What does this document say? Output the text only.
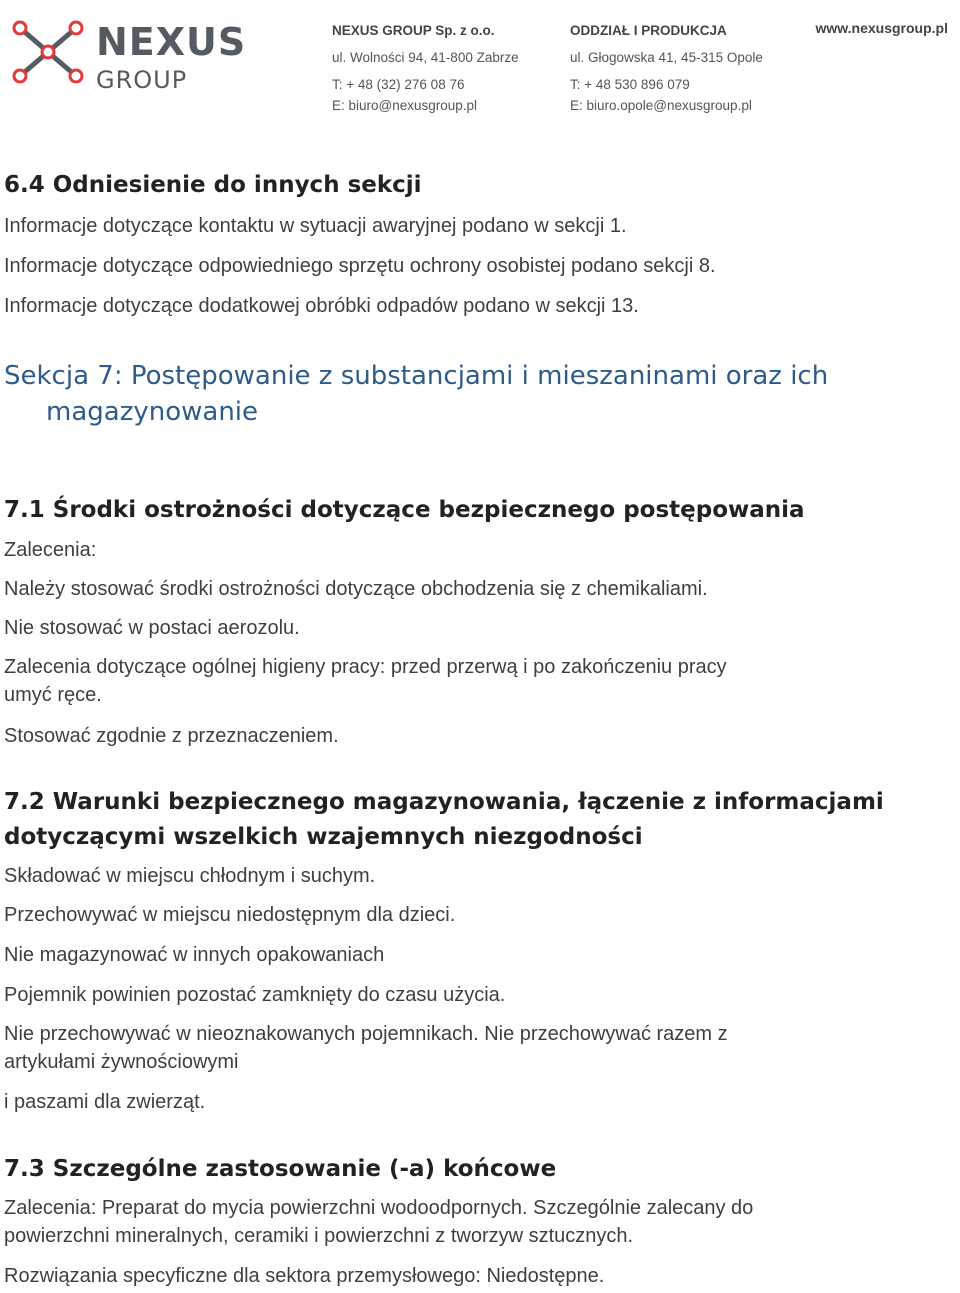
NEXUS
GROUP
NEXUS GROUP Sp. z o.o.
ul. Wolności 94, 41-800 Zabrze
T: + 48 (32) 276 08 76
E: biuro@nexusgroup.pl
ODDZIAŁ I PRODUKCJA
ul. Głogowska 41, 45-315 Opole
T: + 48 530 896 079
E: biuro.opole@nexusgroup.pl
www.nexusgroup.pl
6.4 Odniesienie do innych sekcji
Informacje dotyczące kontaktu w sytuacji awaryjnej podano w sekcji 1.
Informacje dotyczące odpowiedniego sprzętu ochrony osobistej podano sekcji 8.
Informacje dotyczące dodatkowej obróbki odpadów podano w sekcji 13.
Sekcja 7: Postępowanie z substancjami i mieszaninami oraz ich
magazynowanie
7.1 Środki ostrożności dotyczące bezpiecznego postępowania
Zalecenia:
Należy stosować środki ostrożności dotyczące obchodzenia się z chemikaliami.
Nie stosować w postaci aerozolu.
Zalecenia dotyczące ogólnej higieny pracy: przed przerwą i po zakończeniu pracy
umyć ręce.
Stosować zgodnie z przeznaczeniem.
7.2 Warunki bezpiecznego magazynowania, łączenie z informacjami
dotyczącymi wszelkich wzajemnych niezgodności
Składować w miejscu chłodnym i suchym.
Przechowywać w miejscu niedostępnym dla dzieci.
Nie magazynować w innych opakowaniach
Pojemnik powinien pozostać zamknięty do czasu użycia.
Nie przechowywać w nieoznakowanych pojemnikach. Nie przechowywać razem z
artykułami żywnościowymi
i paszami dla zwierząt.
7.3 Szczególne zastosowanie (-a) końcowe
Zalecenia: Preparat do mycia powierzchni wodoodpornych. Szczególnie zalecany do
powierzchni mineralnych, ceramiki i powierzchni z tworzyw sztucznych.
Rozwiązania specyficzne dla sektora przemysłowego: Niedostępne.
